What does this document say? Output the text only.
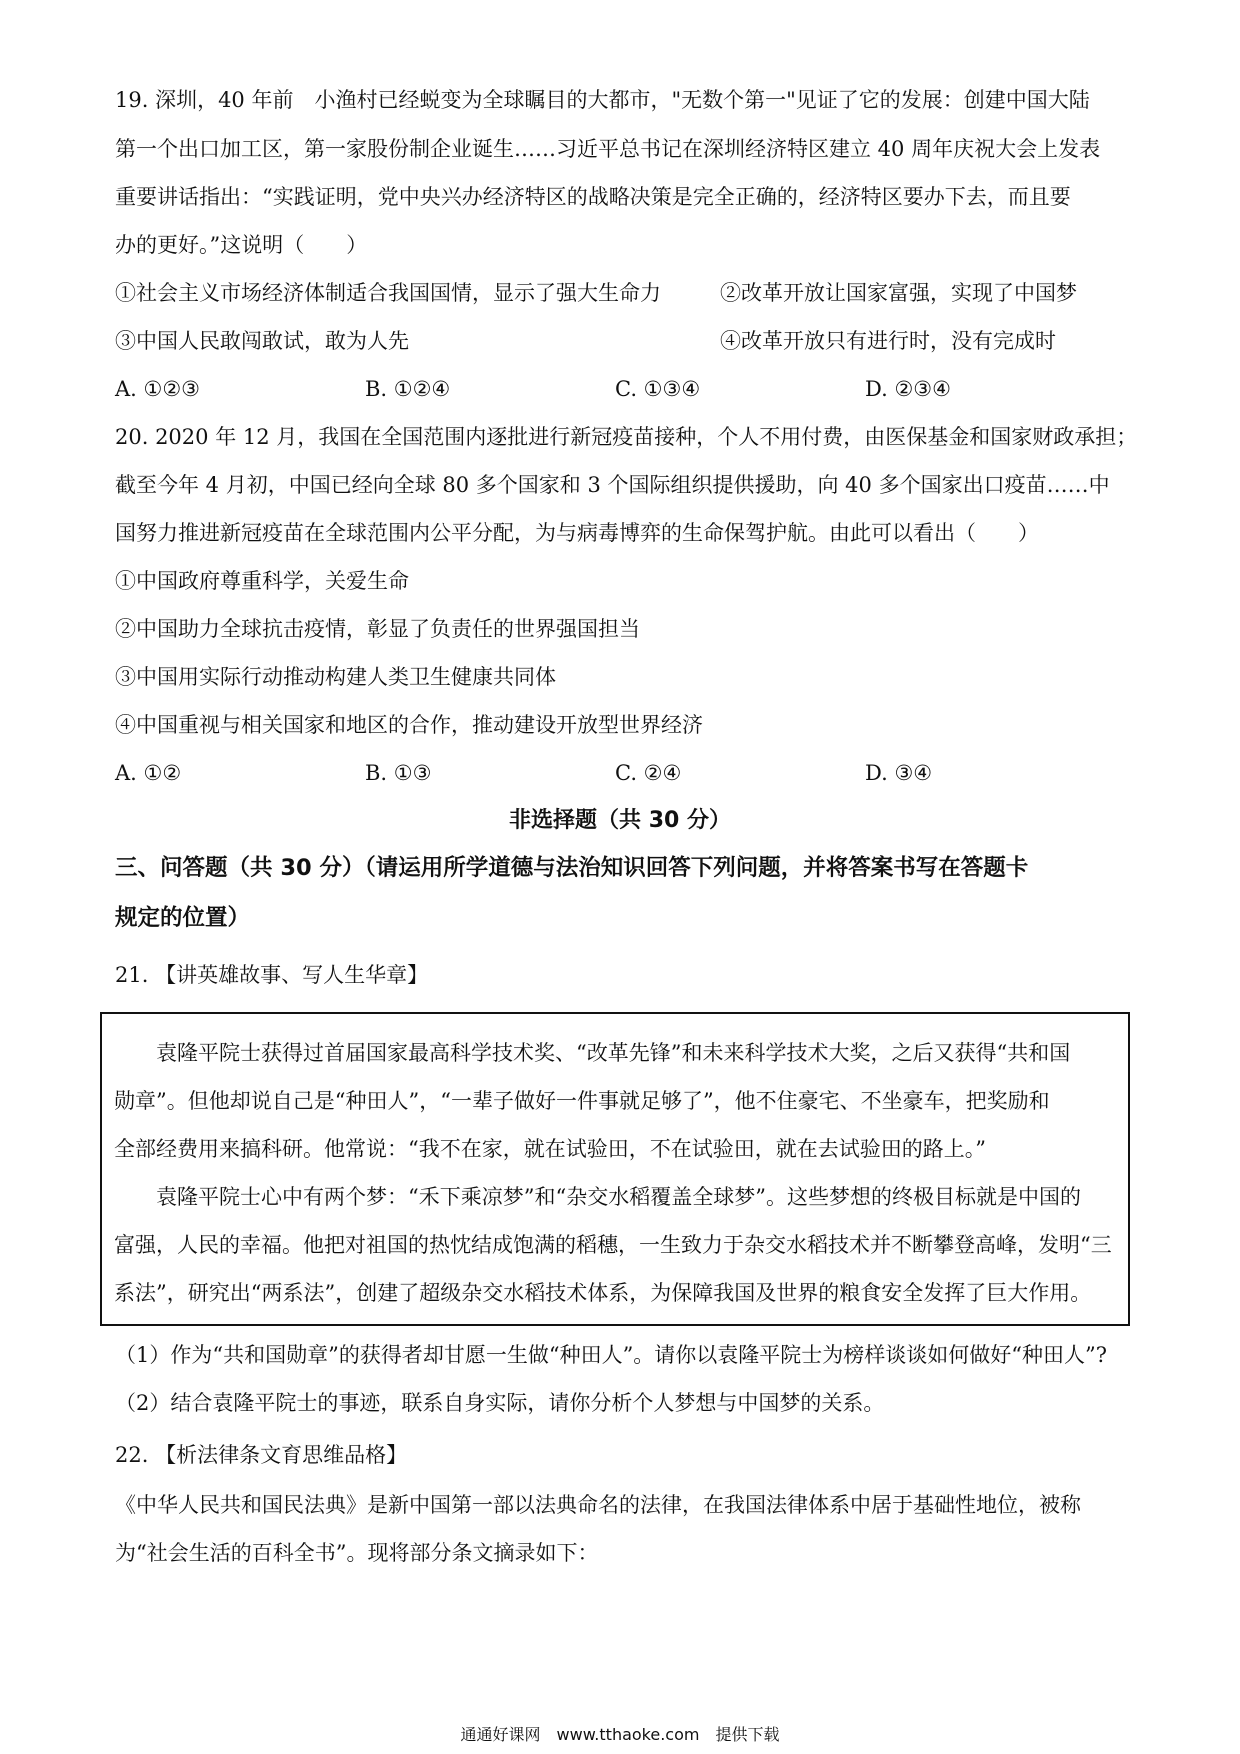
19. 深圳，40 年前　小渔村已经蜕变为全球瞩目的大都市，"无数个第一"见证了它的发展：创建中国大陆
第一个出口加工区，第一家股份制企业诞生……习近平总书记在深圳经济特区建立 40 周年庆祝大会上发表
重要讲话指出：“实践证明，党中央兴办经济特区的战略决策是完全正确的，经济特区要办下去，而且要
办的更好。”这说明（　　）
①社会主义市场经济体制适合我国国情，显示了强大生命力	②改革开放让国家富强，实现了中国梦
③中国人民敢闯敢试，敢为人先	④改革开放只有进行时，没有完成时
A. ①②③	B. ①②④	C. ①③④	D. ②③④
20. 2020 年 12 月，我国在全国范围内逐批进行新冠疫苗接种，个人不用付费，由医保基金和国家财政承担；
截至今年 4 月初，中国已经向全球 80 多个国家和 3 个国际组织提供援助，向 40 多个国家出口疫苗……中
国努力推进新冠疫苗在全球范围内公平分配，为与病毒博弈的生命保驾护航。由此可以看出（　　）
①中国政府尊重科学，关爱生命
②中国助力全球抗击疫情，彰显了负责任的世界强国担当
③中国用实际行动推动构建人类卫生健康共同体
④中国重视与相关国家和地区的合作，推动建设开放型世界经济
A. ①②	B. ①③	C. ②④	D. ③④
非选择题（共 30 分）
三、问答题（共 30 分）（请运用所学道德与法治知识回答下列问题，并将答案书写在答题卡
规定的位置）
21. 【讲英雄故事、写人生华章】
　　袁隆平院士获得过首届国家最高科学技术奖、“改革先锋”和未来科学技术大奖，之后又获得“共和国
勋章”。但他却说自己是“种田人”，“一辈子做好一件事就足够了”，他不住豪宅、不坐豪车，把奖励和
全部经费用来搞科研。他常说：“我不在家，就在试验田，不在试验田，就在去试验田的路上。”
　　袁隆平院士心中有两个梦：“禾下乘凉梦”和“杂交水稻覆盖全球梦”。这些梦想的终极目标就是中国的
富强，人民的幸福。他把对祖国的热忱结成饱满的稻穗，一生致力于杂交水稻技术并不断攀登高峰，发明“三
系法”，研究出“两系法”，创建了超级杂交水稻技术体系，为保障我国及世界的粮食安全发挥了巨大作用。
（1）作为“共和国勋章”的获得者却甘愿一生做“种田人”。请你以袁隆平院士为榜样谈谈如何做好“种田人”?
（2）结合袁隆平院士的事迹，联系自身实际，请你分析个人梦想与中国梦的关系。
22. 【析法律条文育思维品格】
《中华人民共和国民法典》是新中国第一部以法典命名的法律，在我国法律体系中居于基础性地位，被称
为“社会生活的百科全书”。现将部分条文摘录如下：
通通好课网　www.tthaoke.com　提供下载
